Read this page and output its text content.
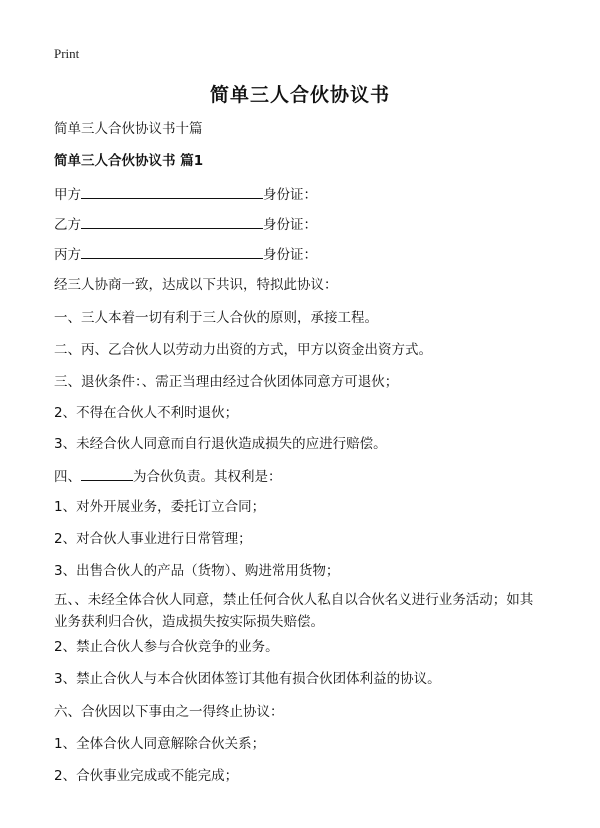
Print
简单三人合伙协议书
简单三人合伙协议书十篇
简单三人合伙协议书 篇1
甲方	身份证：
乙方	身份证：
丙方	身份证：
经三人协商一致，达成以下共识，特拟此协议：
一、三人本着一切有利于三人合伙的原则，承接工程。
二、丙、乙合伙人以劳动力出资的方式，甲方以资金出资方式。
三、退伙条件：、需正当理由经过合伙团体同意方可退伙；
2、不得在合伙人不利时退伙；
3、未经合伙人同意而自行退伙造成损失的应进行赔偿。
四、	为合伙负责。其权利是：
1、对外开展业务，委托订立合同；
2、对合伙人事业进行日常管理；
3、出售合伙人的产品（货物）、购进常用货物；
五、、未经全体合伙人同意，禁止任何合伙人私自以合伙名义进行业务活动；如其业务获利归合伙，造成损失按实际损失赔偿。
2、禁止合伙人参与合伙竞争的业务。
3、禁止合伙人与本合伙团体签订其他有损合伙团体利益的协议。
六、合伙因以下事由之一得终止协议：
1、全体合伙人同意解除合伙关系；
2、合伙事业完成或不能完成；
